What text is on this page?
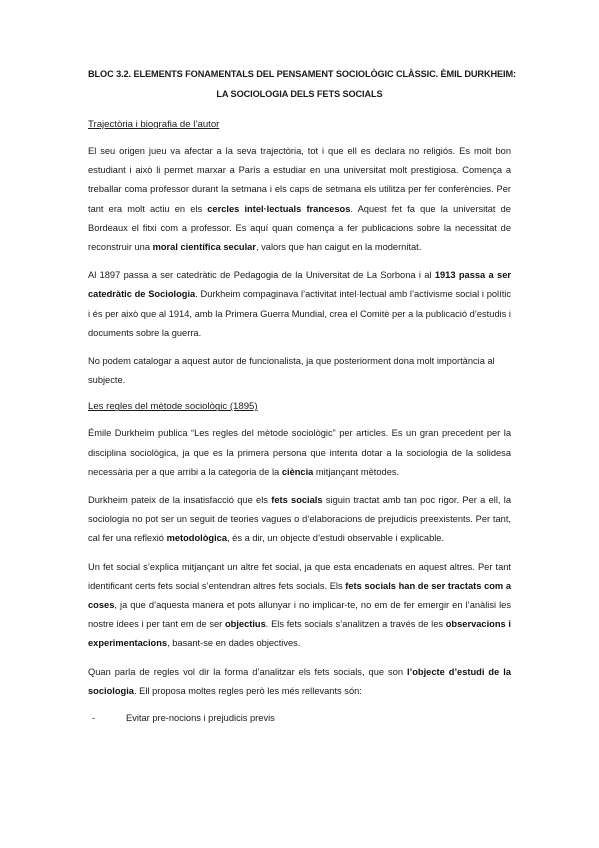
BLOC 3.2. ELEMENTS FONAMENTALS DEL PENSAMENT SOCIOLÒGIC CLÀSSIC. ÈMIL DURKHEIM:
LA SOCIOLOGIA DELS FETS SOCIALS
Trajectòria i biografia de l’autor

El seu origen jueu va afectar a la seva trajectòria, tot i que ell es declara no religiós. Es molt bon estudiant i això li permet marxar a París a estudiar en una universitat molt prestigiosa. Comença a treballar coma professor durant la setmana i els caps de setmana els utilitza per fer conferències. Per tant era molt actiu en els cercles intel·lectuals francesos. Aquest fet fa que la universitat de Bordeaux el fitxi com a professor. Es aquí quan comença a fer publicacions sobre la necessitat de reconstruir una moral científica secular, valors que han caigut en la modernitat.

Al 1897 passa a ser catedràtic de Pedagogia de la Universitat de La Sorbona i al 1913 passa a ser catedràtic de Sociologia. Durkheim compaginava l’activitat intel·lectual amb l’activisme social i polític i és per això que al 1914, amb la Primera Guerra Mundial, crea el Comitè per a la publicació d’estudis i documents sobre la guerra.

No podem catalogar a aquest autor de funcionalista, ja que posteriorment dona molt importància al subjecte.

Les regles del mètode sociològic (1895)

Émile Durkheim publica “Les regles del mètode sociològic” per articles. Es un gran precedent per la disciplina sociològica, ja que es la primera persona que intenta dotar a la sociologia de la solidesa necessària per a que arribi a la categoria de la ciència mitjançant mètodes.

Durkheim pateix de la insatisfacció que els fets socials siguin tractat amb tan poc rigor. Per a ell, la sociologia no pot ser un seguit de teories vagues o d’elaboracions de prejudicis preexistents. Per tant, cal fer una reflexió metodològica, és a dir, un objecte d’estudi observable i explicable.

Un fet social s’explica mitjançant un altre fet social, ja que esta encadenats en aquest altres. Per tant identificant certs fets social s’entendran altres fets socials. Els fets socials han de ser tractats com a coses, ja que d’aquesta manera et pots allunyar i no implicar-te, no em de fer emergir en l’anàlisi les nostre idees i per tant em de ser objectius. Els fets socials s’analitzen a través de les observacions i experimentacions, basant-se en dades objectives.

Quan parla de regles vol dir la forma d’analitzar els fets socials, que son l’objecte d’estudi de la sociologia. Ell proposa moltes regles però les més rellevants són:

-	Evitar pre-nocions i prejudicis previs
